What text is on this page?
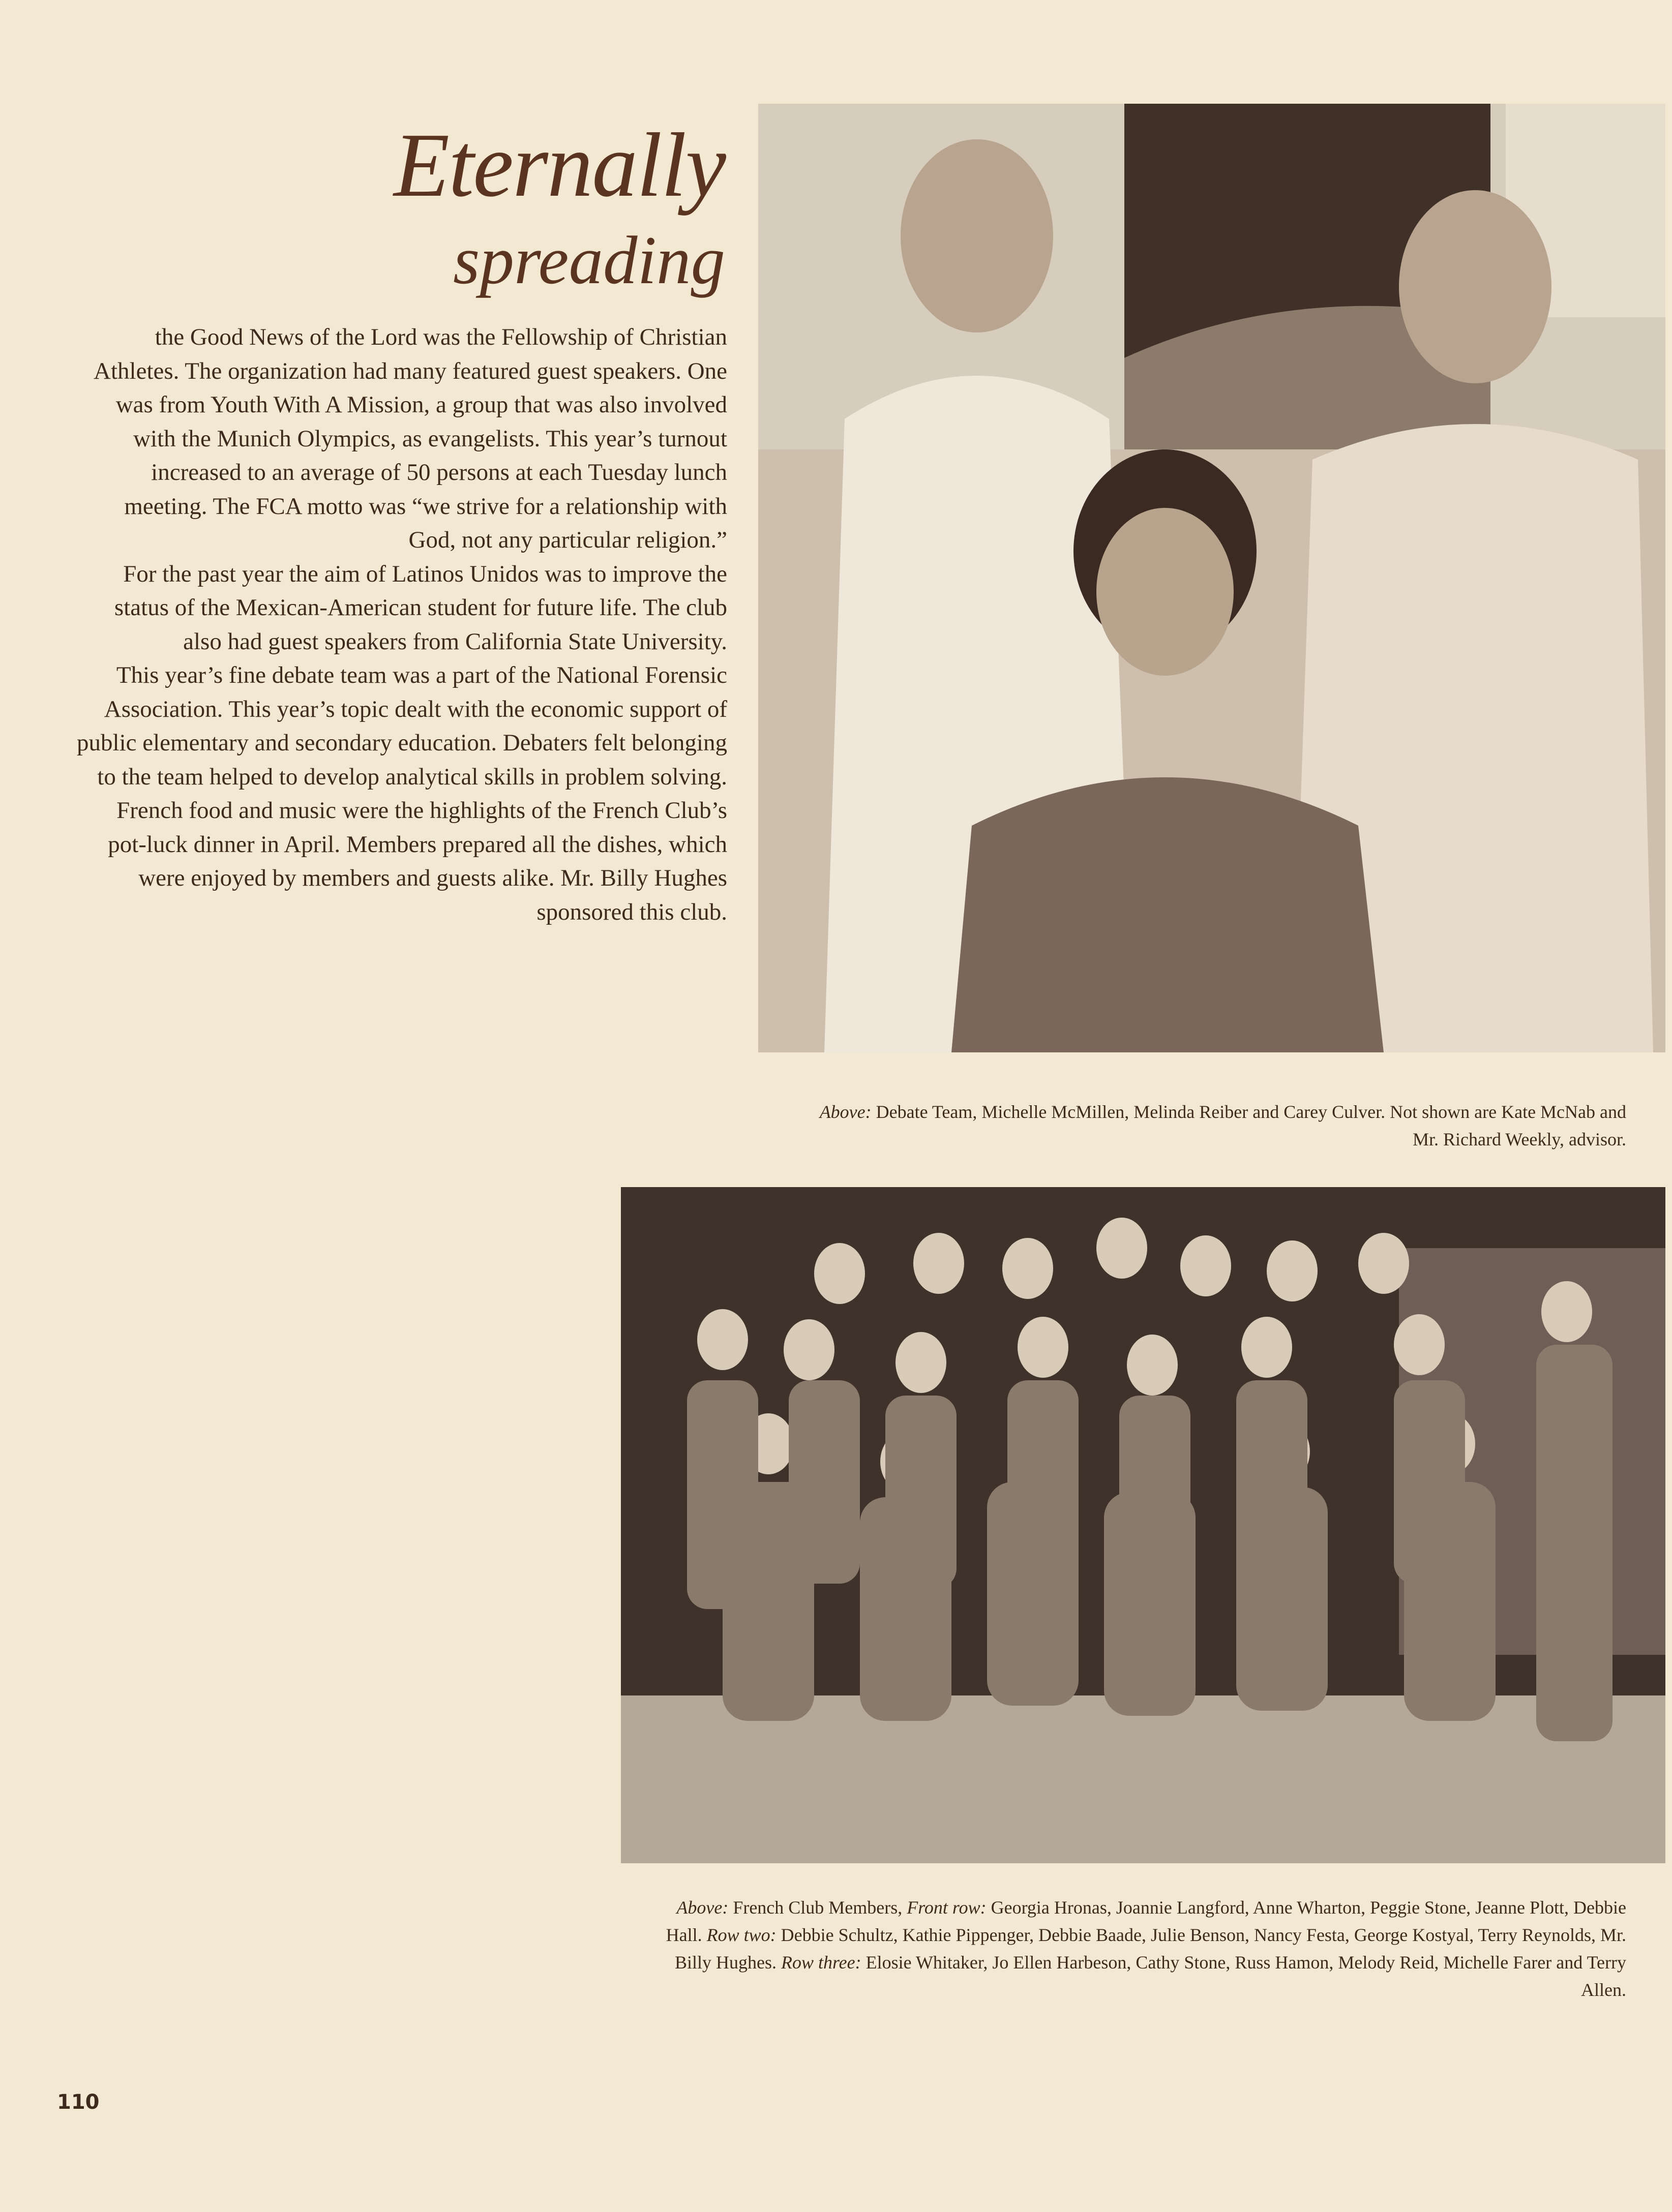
Eternally
spreading

the Good News of the Lord was the Fellowship of Christian Athletes. The organization had many featured guest speakers. One was from Youth With A Mission, a group that was also involved with the Munich Olympics, as evangelists. This year’s turnout increased to an average of 50 persons at each Tuesday lunch meeting. The FCA motto was “we strive for a relationship with God, not any particular religion.”

For the past year the aim of Latinos Unidos was to improve the status of the Mexican-American student for future life. The club also had guest speakers from California State University.

This year’s fine debate team was a part of the National Forensic Association. This year’s topic dealt with the economic support of public elementary and secondary education. Debaters felt belonging to the team helped to develop analytical skills in problem solving.

French food and music were the highlights of the French Club’s pot-luck dinner in April. Members prepared all the dishes, which were enjoyed by members and guests alike. Mr. Billy Hughes sponsored this club.

Above: Debate Team, Michelle McMillen, Melinda Reiber and Carey Culver. Not shown are Kate McNab and Mr. Richard Weekly, advisor.
Above: French Club Members, Front row: Georgia Hronas, Joannie Langford, Anne Wharton, Peggie Stone, Jeanne Plott, Debbie Hall. Row two: Debbie Schultz, Kathie Pippenger, Debbie Baade, Julie Benson, Nancy Festa, George Kostyal, Terry Reynolds, Mr. Billy Hughes. Row three: Elosie Whitaker, Jo Ellen Harbeson, Cathy Stone, Russ Hamon, Melody Reid, Michelle Farer and Terry Allen.
110
